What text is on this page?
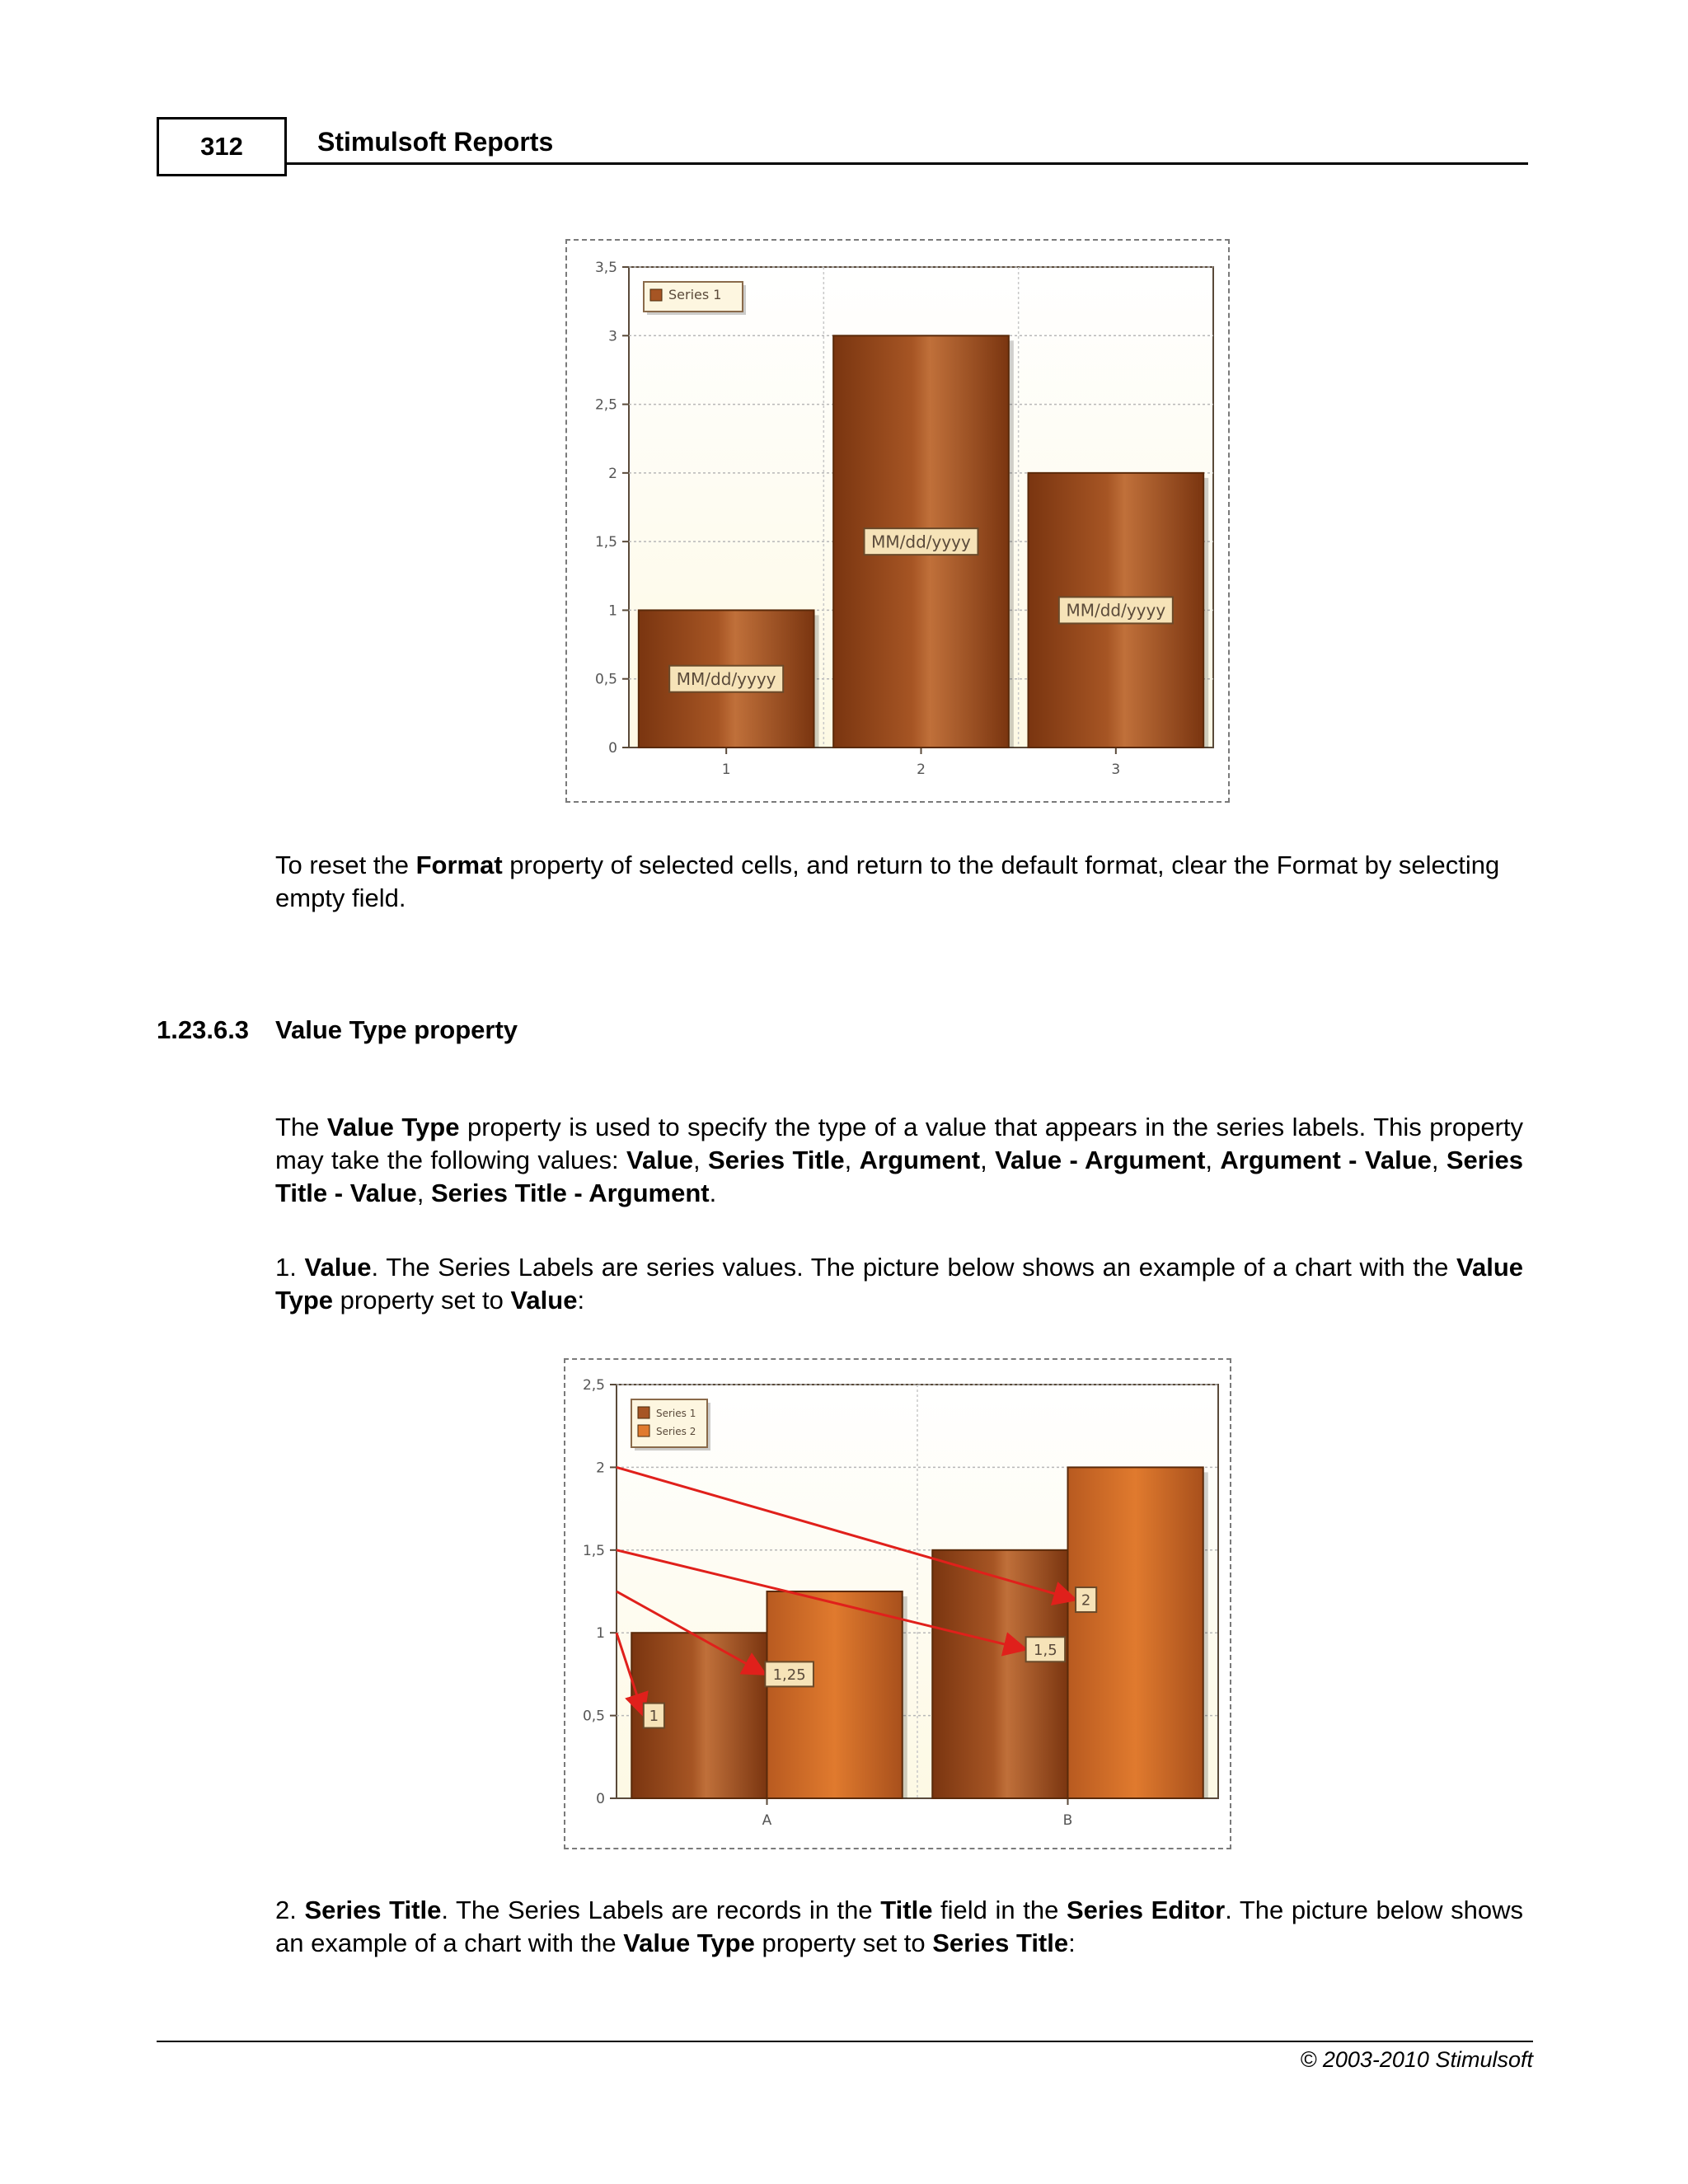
312	Stimulsoft Reports
0
0,5
1
1,5
2
2,5
3
3,5
1	2	3
MM/dd/yyyy
MM/dd/yyyy
MM/dd/yyyy
Series 1
To reset the Format property of selected cells, and return to the default format, clear the Format by selecting empty field.
1.23.6.3 Value Type property
The Value Type property is used to specify the type of a value that appears in the series labels. This property may take the following values: Value, Series Title, Argument, Value - Argument, Argument - Value, Series Title - Value, Series Title - Argument.
1. Value. The Series Labels are series values. The picture below shows an example of a chart with the Value Type property set to Value:
0
0,5
1
1,5
2
2,5
A	B
1
1,25
1,5
2
Series 1
Series 2
2. Series Title. The Series Labels are records in the Title field in the Series Editor. The picture below shows an example of a chart with the Value Type property set to Series Title:
© 2003-2010 Stimulsoft
